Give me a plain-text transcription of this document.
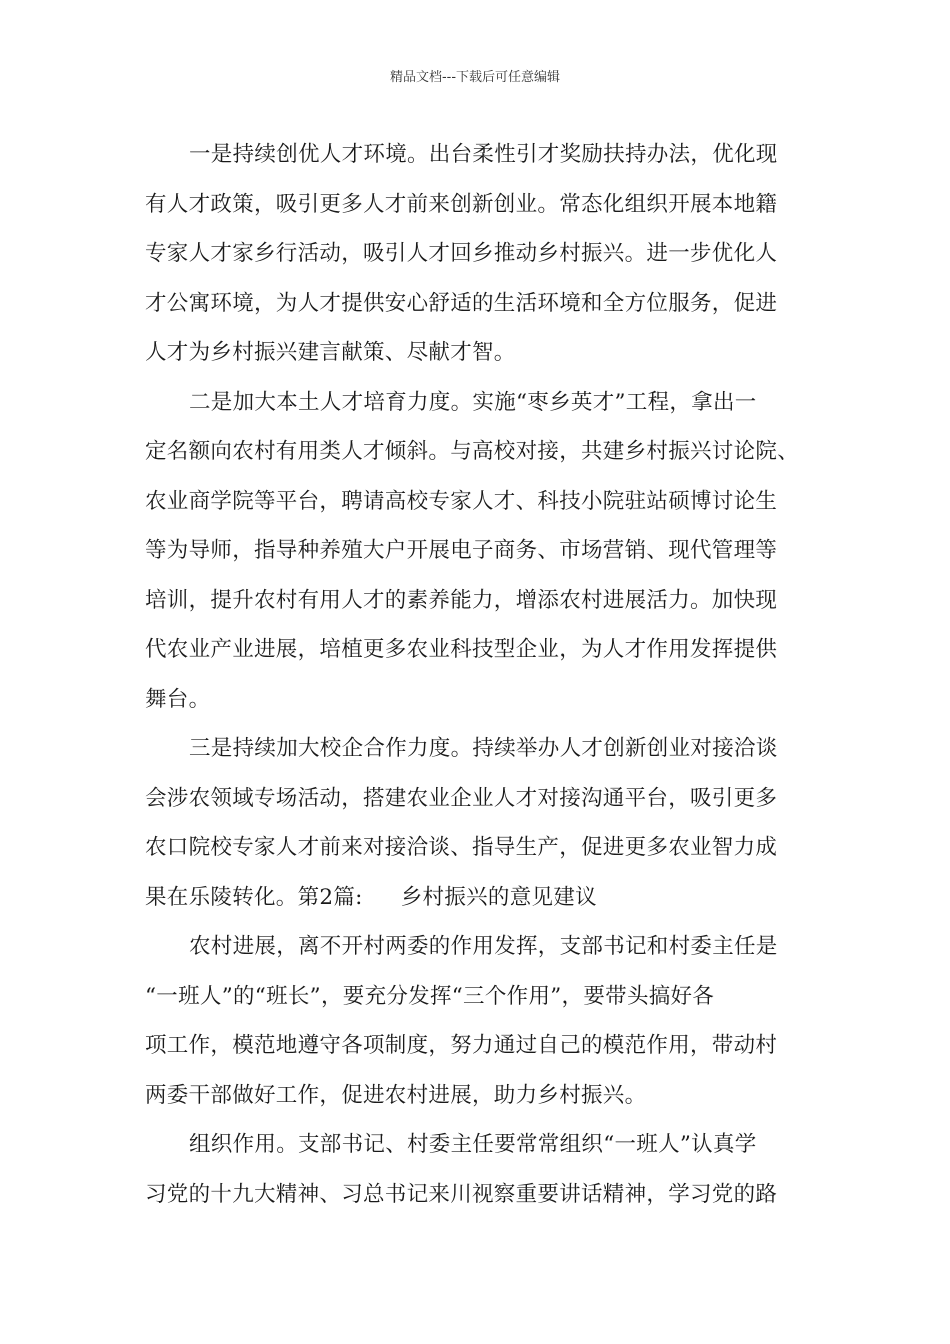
精品文档---下载后可任意编辑
一是持续创优人才环境。出台柔性引才奖励扶持办法，优化现
有人才政策，吸引更多人才前来创新创业。常态化组织开展本地籍
专家人才家乡行活动，吸引人才回乡推动乡村振兴。进一步优化人
才公寓环境，为人才提供安心舒适的生活环境和全方位服务，促进
人才为乡村振兴建言献策、尽献才智。
二是加大本土人才培育力度。实施“枣乡英才”工程，拿出一
定名额向农村有用类人才倾斜。与高校对接，共建乡村振兴讨论院、
农业商学院等平台，聘请高校专家人才、科技小院驻站硕博讨论生
等为导师，指导种养殖大户开展电子商务、市场营销、现代管理等
培训，提升农村有用人才的素养能力，增添农村进展活力。加快现
代农业产业进展，培植更多农业科技型企业，为人才作用发挥提供
舞台。
三是持续加大校企合作力度。持续举办人才创新创业对接洽谈
会涉农领域专场活动，搭建农业企业人才对接沟通平台，吸引更多
农口院校专家人才前来对接洽谈、指导生产，促进更多农业智力成
果在乐陵转化。第2篇: 乡村振兴的意见建议
农村进展，离不开村两委的作用发挥，支部书记和村委主任是
“一班人”的“班长”，要充分发挥“三个作用”，要带头搞好各
项工作，模范地遵守各项制度，努力通过自己的模范作用，带动村
两委干部做好工作，促进农村进展，助力乡村振兴。
组织作用。支部书记、村委主任要常常组织“一班人”认真学
习党的十九大精神、习总书记来川视察重要讲话精神，学习党的路
